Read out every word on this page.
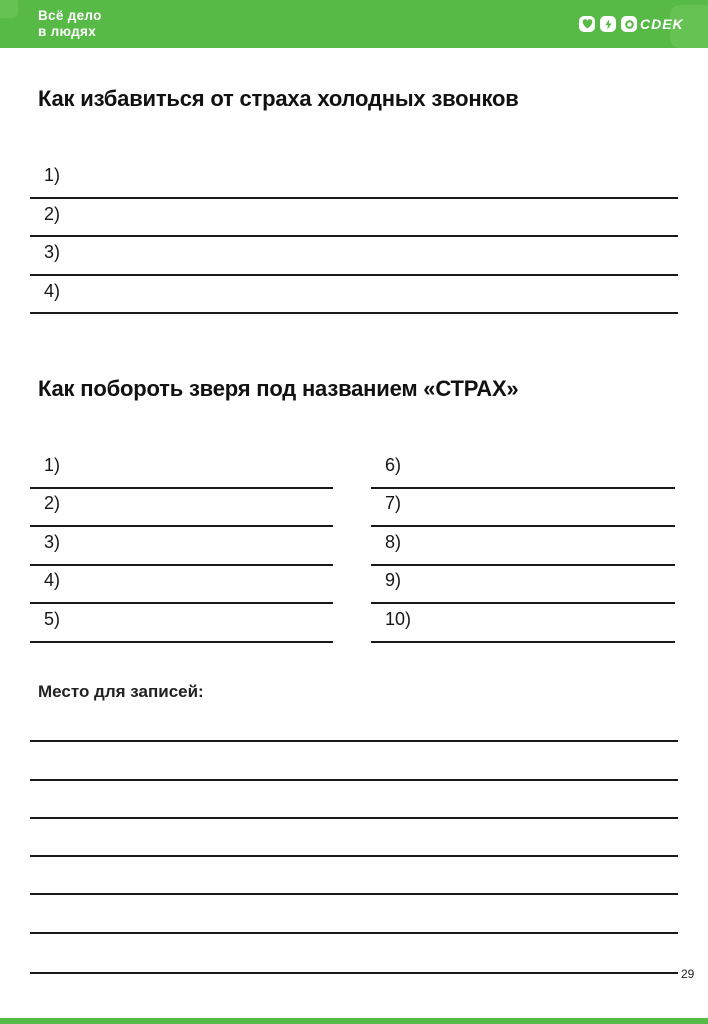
Всё дело
в людях	CDEK
Как избавиться от страха холодных звонков
1)
2)
3)
4)
Как побороть зверя под названием «СТРАХ»
1)
2)
3)
4)
5)
6)
7)
8)
9)
10)
Место для записей:
29
